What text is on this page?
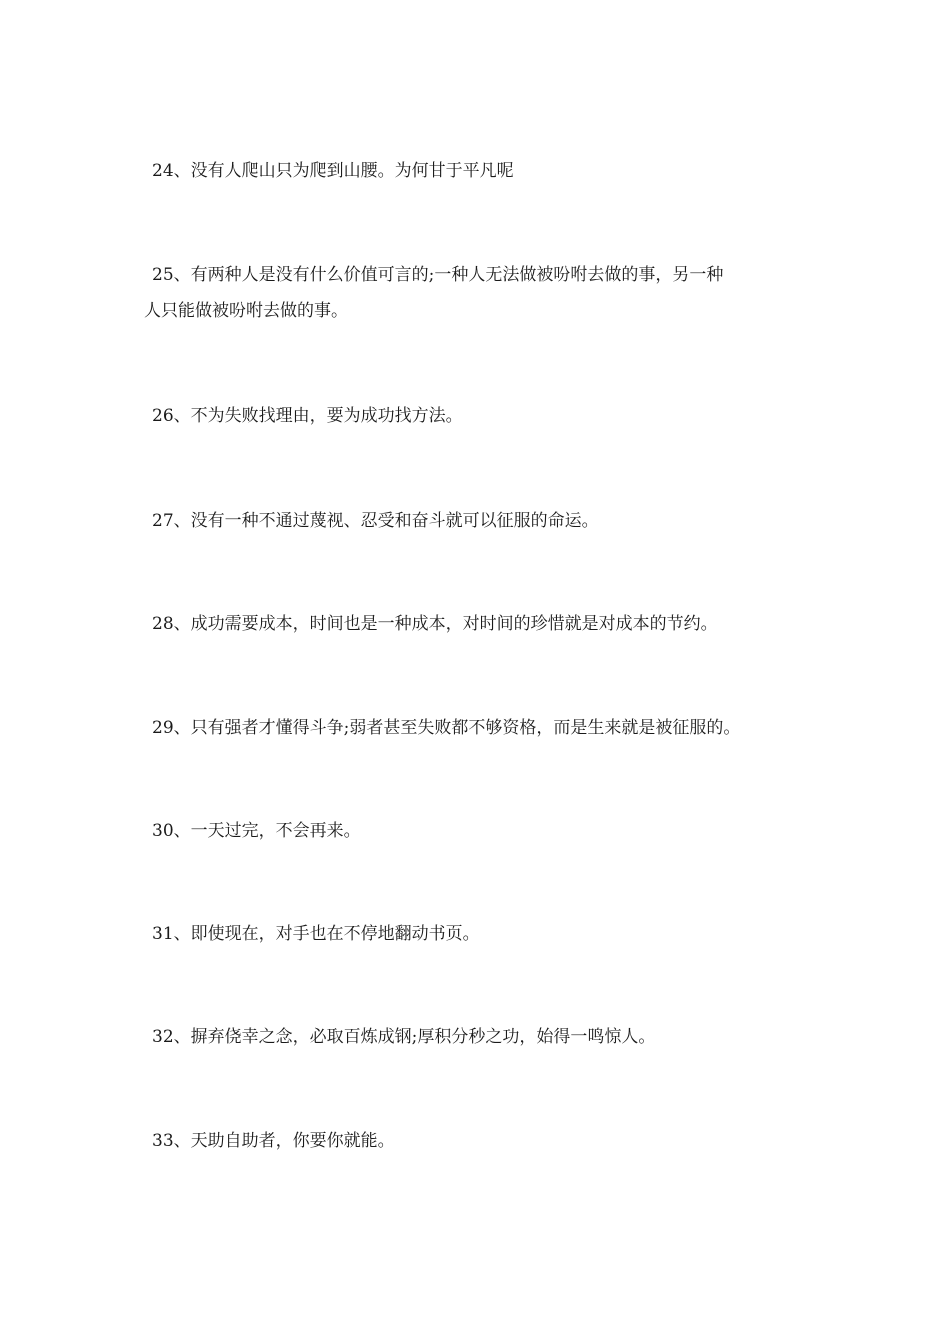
24、没有人爬山只为爬到山腰。为何甘于平凡呢
25、有两种人是没有什么价值可言的;一种人无法做被吩咐去做的事，另一种
人只能做被吩咐去做的事。
26、不为失败找理由，要为成功找方法。
27、没有一种不通过蔑视、忍受和奋斗就可以征服的命运。
28、成功需要成本，时间也是一种成本，对时间的珍惜就是对成本的节约。
29、只有强者才懂得斗争;弱者甚至失败都不够资格，而是生来就是被征服的。
30、一天过完，不会再来。
31、即使现在，对手也在不停地翻动书页。
32、摒弃侥幸之念，必取百炼成钢;厚积分秒之功，始得一鸣惊人。
33、天助自助者，你要你就能。
